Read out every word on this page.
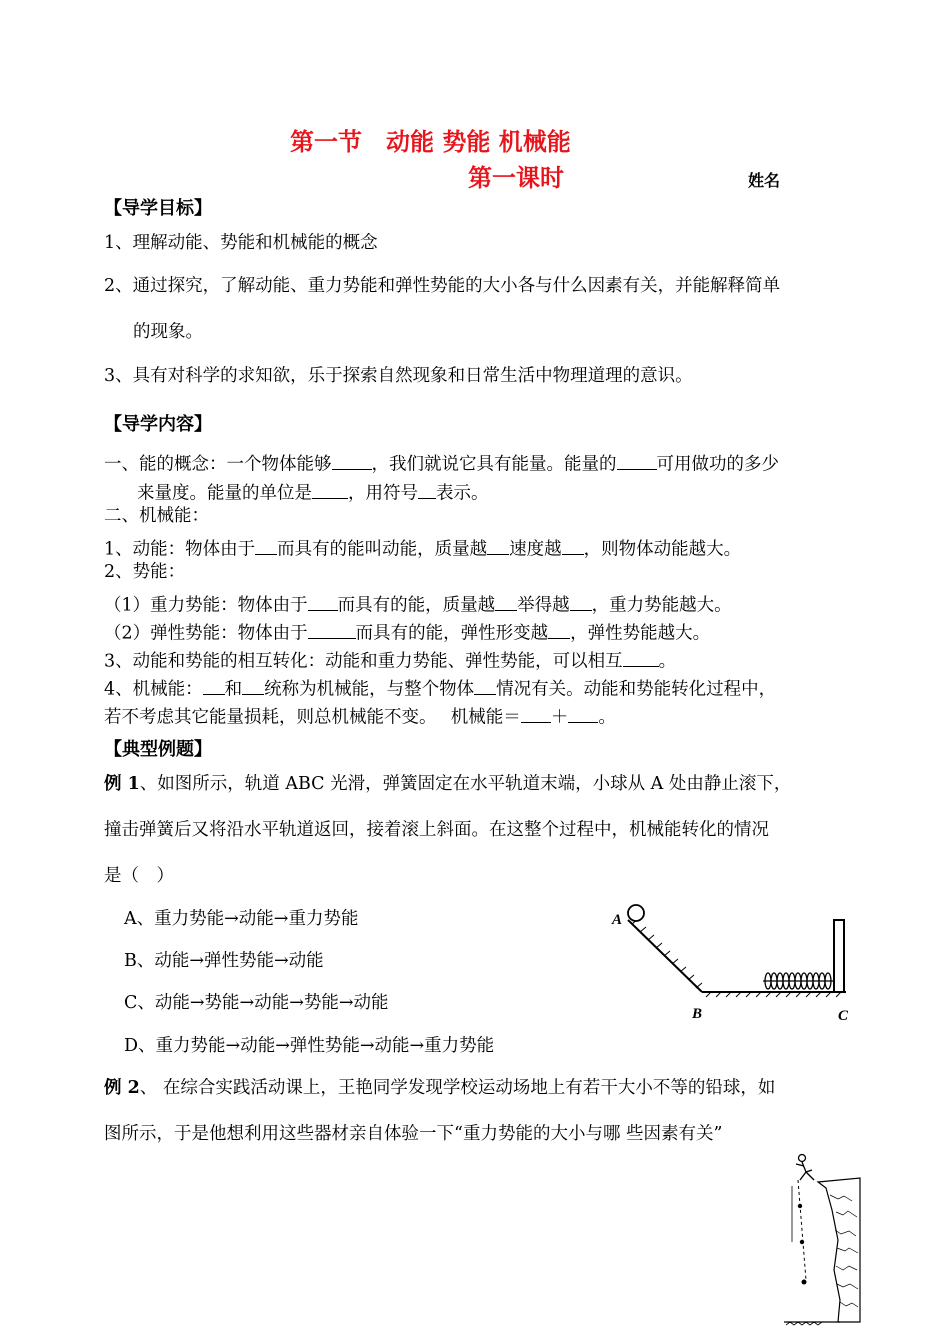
第一节　动能 势能 机械能
第一课时	姓名
【导学目标】
1、理解动能、势能和机械能的概念
2、通过探究，了解动能、重力势能和弹性势能的大小各与什么因素有关，并能解释简单
的现象。
3、具有对科学的求知欲，乐于探索自然现象和日常生活中物理道理的意识。
【导学内容】
一、能的概念：一个物体能够 ，我们就说它具有能量。能量的 可用做功的多少
来量度。能量的单位是 ，用符号 表示。
二、机械能：
1、动能：物体由于 而具有的能叫动能，质量越 速度越 ，则物体动能越大。
2、势能：
（1）重力势能：物体由于 而具有的能，质量越 举得越 ，重力势能越大。
（2）弹性势能：物体由于	而具有的能，弹性形变越 ，弹性势能越大。
3、动能和势能的相互转化：动能和重力势能、弹性势能，可以相互 。
4、机械能： 和 统称为机械能，与整个物体 情况有关。动能和势能转化过程中，
若不考虑其它能量损耗，则总机械能不变。　 机械能＝ ＋ 。
【典型例题】
例 1、如图所示，轨道 ABC 光滑，弹簧固定在水平轨道末端，小球从 A 处由静止滚下，
撞击弹簧后又将沿水平轨道返回，接着滚上斜面。在这整个过程中，机械能转化的情况
是（　）
A、重力势能→动能→重力势能
B、动能→弹性势能→动能
C、动能→势能→动能→势能→动能
D、重力势能→动能→弹性势能→动能→重力势能
A
B	C
例 2、 在综合实践活动课上，王艳同学发现学校运动场地上有若干大小不等的铅球，如
图所示，于是他想利用这些器材亲自体验一下“重力势能的大小与哪 些因素有关”
